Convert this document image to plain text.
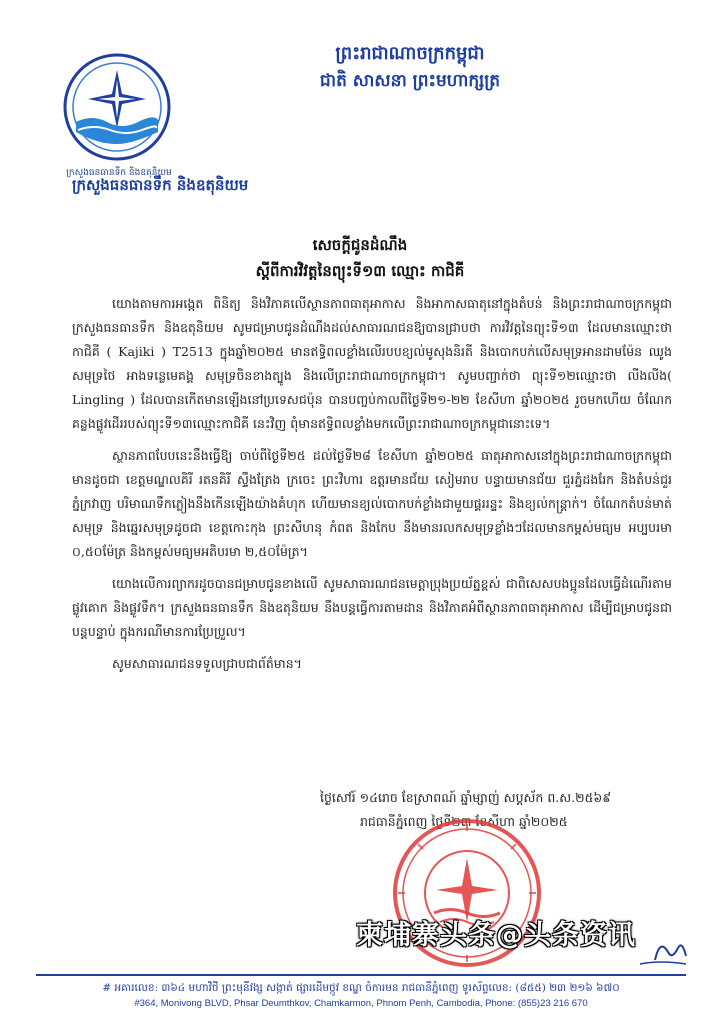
ក្រសួងធនធានទឹក និងឧតុនិយម
ព្រះរាជាណាចក្រកម្ពុជា
ជាតិ សាសនា ព្រះមហាក្សត្រ
ក្រសួងធនធានទឹក និងឧតុនិយម
សេចក្តីជូនដំណឹង
ស្តីពីការវិវត្តនៃព្យុះទី១៣ ឈ្មោះ កាជិគី

យោងតាមការអង្កេត ពិនិត្យ និងវិភាគលើស្ថានភាពធាតុអាកាស និងអាកាសធាតុនៅក្នុងតំបន់ និងព្រះរាជាណាចក្រកម្ពុជា ក្រសួងធនធានទឹក និងឧតុនិយម សូមជម្រាបជូនដំណឹងដល់សាធារណជនឱ្យបានជ្រាបថា ការវិវត្តនៃព្យុះទី១៣ ដែលមានឈ្មោះថា កាជិគី ( Kajiki ) T2513 ក្នុងឆ្នាំ២០២៥ មានឥទ្ធិពលខ្លាំងលើរបបខ្យល់មូសុងនិរតី និងបោកបក់លើសមុទ្រអានដាមម៉ែន ឈូងសមុទ្រថៃ អាងទន្លេមេគង្គ សមុទ្រចិនខាងត្បូង និងលើព្រះរាជាណាចក្រកម្ពុជា។ សូមបញ្ជាក់ថា ព្យុះទី១២ឈ្មោះថា លីងលីង( Lingling ) ដែលបានកើតមានឡើងនៅប្រទេសជប៉ុន បានបញ្ចប់កាលពីថ្ងៃទី២១-២២ ខែសីហា ឆ្នាំ២០២៥ រួចមកហើយ ចំណែកគន្លងផ្លូវដើររបស់ព្យុះទី១៣ឈ្មោះកាជិគី នេះវិញ ពុំមានឥទ្ធិពលខ្លាំងមកលើព្រះរាជាណាចក្រកម្ពុជានោះទេ។

ស្ថានភាពបែបនេះនឹងធ្វើឱ្យ ចាប់ពីថ្ងៃទី២៥ ដល់ថ្ងៃទី២៨ ខែសីហា ឆ្នាំ២០២៥ ធាតុអាកាសនៅក្នុងព្រះរាជាណាចក្រកម្ពុជាមានដូចជា ខេត្តមណ្ឌលគិរី រតនគិរី ស្ទឹងត្រែង ក្រចេះ ព្រះវិហារ ឧត្តរមានជ័យ សៀមរាប បន្ទាយមានជ័យ ជួរភ្នំដងរែក និងតំបន់ជួរភ្នំក្រវាញ បរិមាណទឹកភ្លៀងនឹងកើនឡើងយ៉ាងគំហុក ហើយមានខ្យល់បោកបក់ខ្លាំងជាមួយផ្គររន្ទះ និងខ្យល់កន្ត្រាក់។ ចំណែកតំបន់មាត់សមុទ្រ និងឆ្នេរសមុទ្រដូចជា ខេត្តកោះកុង ព្រះសីហនុ កំពត និងកែប នឹងមានរលកសមុទ្រខ្លាំងៗដែលមានកម្ពស់មធ្យម អប្បបរមា ០,៥០ម៉ែត្រ និងកម្ពស់មធ្យមអតិបរមា ២,៥០ម៉ែត្រ។

យោងលើការព្យាករដូចបានជម្រាបជូនខាងលើ សូមសាធារណជនមេត្តាប្រុងប្រយ័ត្នខ្ពស់ ជាពិសេសបងប្អូនដែលធ្វើដំណើរតាមផ្លូវគោក និងផ្លូវទឹក។ ក្រសួងធនធានទឹក និងឧតុនិយម នឹងបន្តធ្វើការតាមដាន និងវិភាគអំពីស្ថានភាពធាតុអាកាស ដើម្បីជម្រាបជូនជាបន្តបន្ទាប់ ក្នុងករណីមានការប្រែប្រួល។

សូមសាធារណជនទទួលជ្រាបជាព័ត៌មាន។

ថ្ងៃសៅរ៍ ១៤រោច ខែស្រាពណ៍ ឆ្នាំម្សាញ់ សប្តស័ក ព.ស.២៥៦៩
រាជធានីភ្នំពេញ ថ្ងៃទី២៣ ខែសីហា ឆ្នាំ២០២៥
柬埔寨头条@头条资讯
# អគារលេខ: ៣៦៤ មហាវិថី ព្រះមុនីវង្ស សង្កាត់ ផ្សារដើមថ្កូវ ខណ្ឌ ចំការមន រាជធានីភ្នំពេញ ទូរស័ព្ទលេខ: (៨៥៥) ២៣ ២១៦ ៦៧០
#364, Monivong BLVD, Phsar Deumthkov, Chamkarmon, Phnom Penh, Cambodia, Phone: (855)23 216 670
